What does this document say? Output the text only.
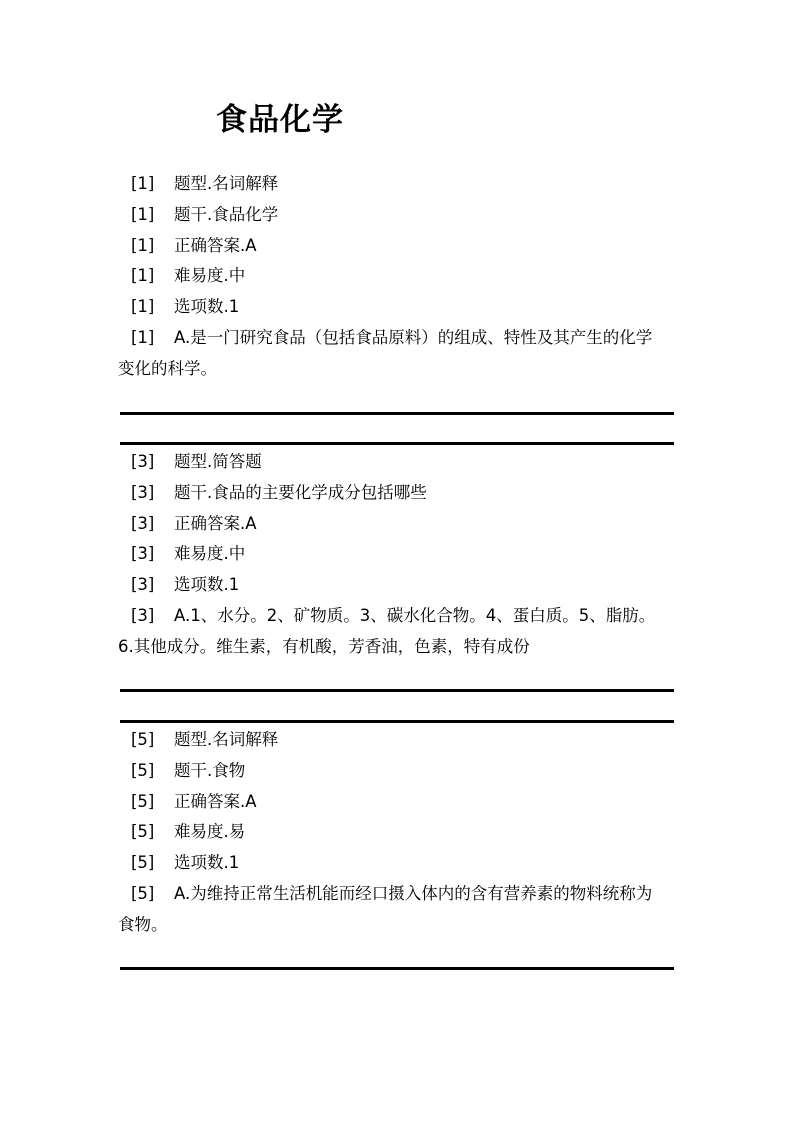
食品化学
[1] 题型.名词解释
[1] 题干.食品化学
[1] 正确答案.A
[1] 难易度.中
[1] 选项数.1
[1] A.是一门研究食品（包括食品原料）的组成、特性及其产生的化学变化的科学。
[3] 题型.简答题
[3] 题干.食品的主要化学成分包括哪些
[3] 正确答案.A
[3] 难易度.中
[3] 选项数.1
[3] A.1、水分。2、矿物质。3、碳水化合物。4、蛋白质。5、脂肪。6.其他成分。维生素，有机酸，芳香油，色素，特有成份
[5] 题型.名词解释
[5] 题干.食物
[5] 正确答案.A
[5] 难易度.易
[5] 选项数.1
[5] A.为维持正常生活机能而经口摄入体内的含有营养素的物料统称为食物。
